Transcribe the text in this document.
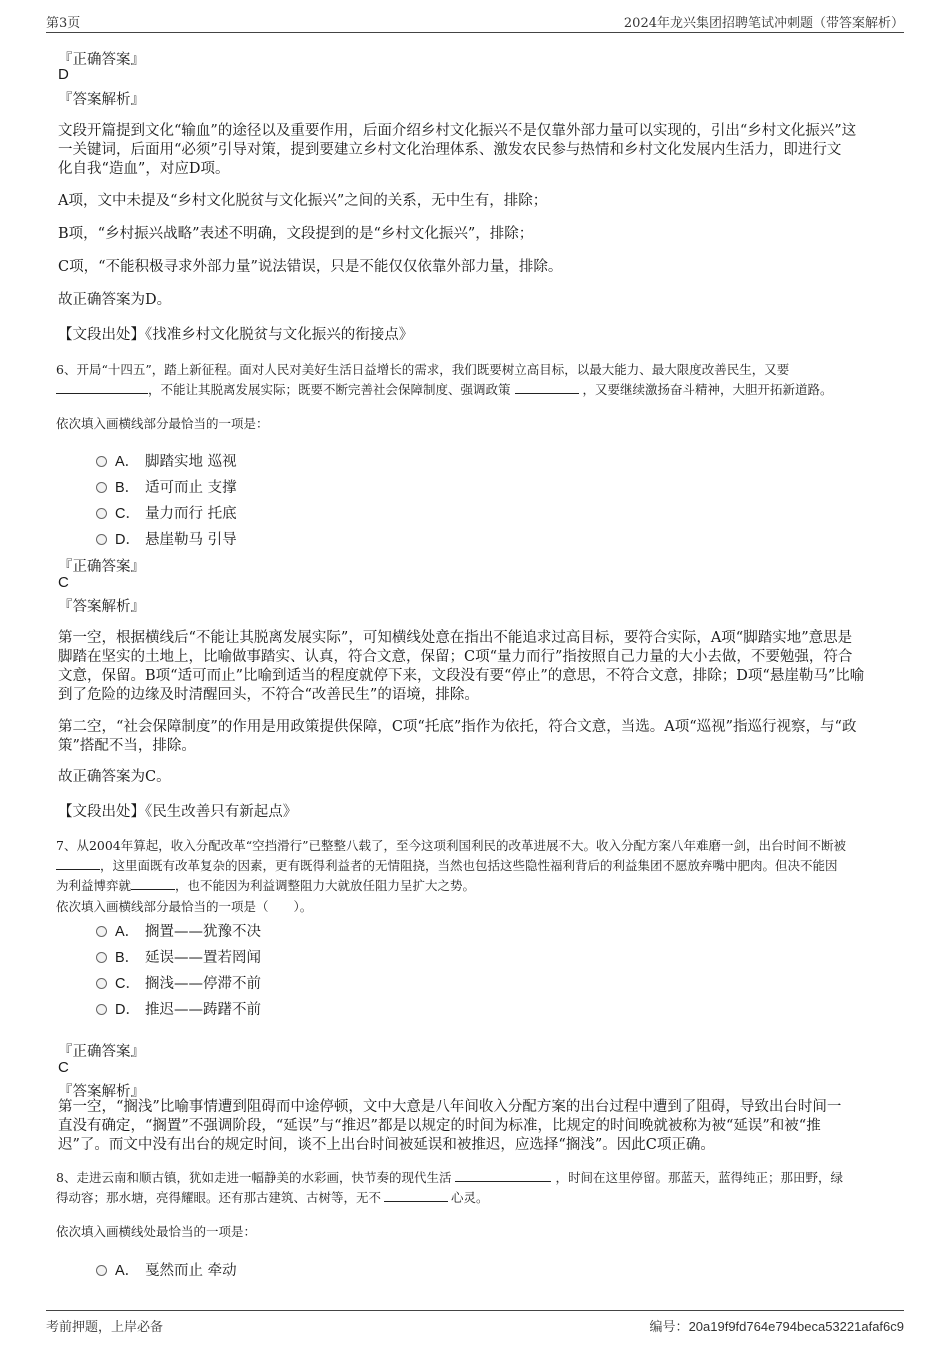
第3页	2024年龙兴集团招聘笔试冲刺题（带答案解析）
『正确答案』
D
『答案解析』
文段开篇提到文化“输血”的途径以及重要作用，后面介绍乡村文化振兴不是仅靠外部力量可以实现的，引出“乡村文化振兴”这
一关键词，后面用“必须”引导对策，提到要建立乡村文化治理体系、激发农民参与热情和乡村文化发展内生活力，即进行文
化自我“造血”，对应D项。
A项，文中未提及“乡村文化脱贫与文化振兴”之间的关系，无中生有，排除；
B项，“乡村振兴战略”表述不明确，文段提到的是“乡村文化振兴”，排除；
C项，“不能积极寻求外部力量”说法错误，只是不能仅仅依靠外部力量，排除。
故正确答案为D。
【文段出处】《找准乡村文化脱贫与文化振兴的衔接点》
6、开局“十四五”，踏上新征程。面对人民对美好生活日益增长的需求，我们既要树立高目标，以最大能力、最大限度改善民生，又要
，不能让其脱离发展实际；既要不断完善社会保障制度、强调政策	，又要继续激扬奋斗精神，大胆开拓新道路。
依次填入画横线部分最恰当的一项是：
A． 脚踏实地 巡视
B． 适可而止 支撑
C． 量力而行 托底
D． 悬崖勒马 引导
『正确答案』
C
『答案解析』
第一空，根据横线后“不能让其脱离发展实际”，可知横线处意在指出不能追求过高目标，要符合实际，A项“脚踏实地”意思是
脚踏在坚实的土地上，比喻做事踏实、认真，符合文意，保留；C项“量力而行”指按照自己力量的大小去做，不要勉强，符合
文意，保留。B项“适可而止”比喻到适当的程度就停下来，文段没有要“停止”的意思，不符合文意，排除；D项“悬崖勒马”比喻
到了危险的边缘及时清醒回头，不符合“改善民生”的语境，排除。
第二空，“社会保障制度”的作用是用政策提供保障，C项“托底”指作为依托，符合文意，当选。A项“巡视”指巡行视察，与“政
策”搭配不当，排除。
故正确答案为C。
【文段出处】《民生改善只有新起点》
7、从2004年算起，收入分配改革“空挡滑行”已整整八载了，至今这项利国利民的改革进展不大。收入分配方案八年难磨一剑，出台时间不断被
，这里面既有改革复杂的因素，更有既得利益者的无情阻挠，当然也包括这些隐性福利背后的利益集团不愿放弃嘴中肥肉。但决不能因
为利益博弈就	，也不能因为利益调整阻力大就放任阻力呈扩大之势。
依次填入画横线部分最恰当的一项是（　　）。
A． 搁置——犹豫不决
B． 延误——置若罔闻
C． 搁浅——停滞不前
D． 推迟——踌躇不前
『正确答案』
C
『答案解析』
第一空，“搁浅”比喻事情遭到阻碍而中途停顿，文中大意是八年间收入分配方案的出台过程中遭到了阻碍，导致出台时间一
直没有确定，“搁置”不强调阶段，“延误”与“推迟”都是以规定的时间为标准，比规定的时间晚就被称为被“延误”和被“推
迟”了。而文中没有出台的规定时间，谈不上出台时间被延误和被推迟，应选择“搁浅”。因此C项正确。
8、走进云南和顺古镇，犹如走进一幅静美的水彩画，快节奏的现代生活	，时间在这里停留。那蓝天，蓝得纯正；那田野，绿
得动容；那水塘，亮得耀眼。还有那古建筑、古树等，无不	心灵。
依次填入画横线处最恰当的一项是：
A． 戛然而止 牵动
考前押题，上岸必备	编号：20a19f9fd764e794beca53221afaf6c9
